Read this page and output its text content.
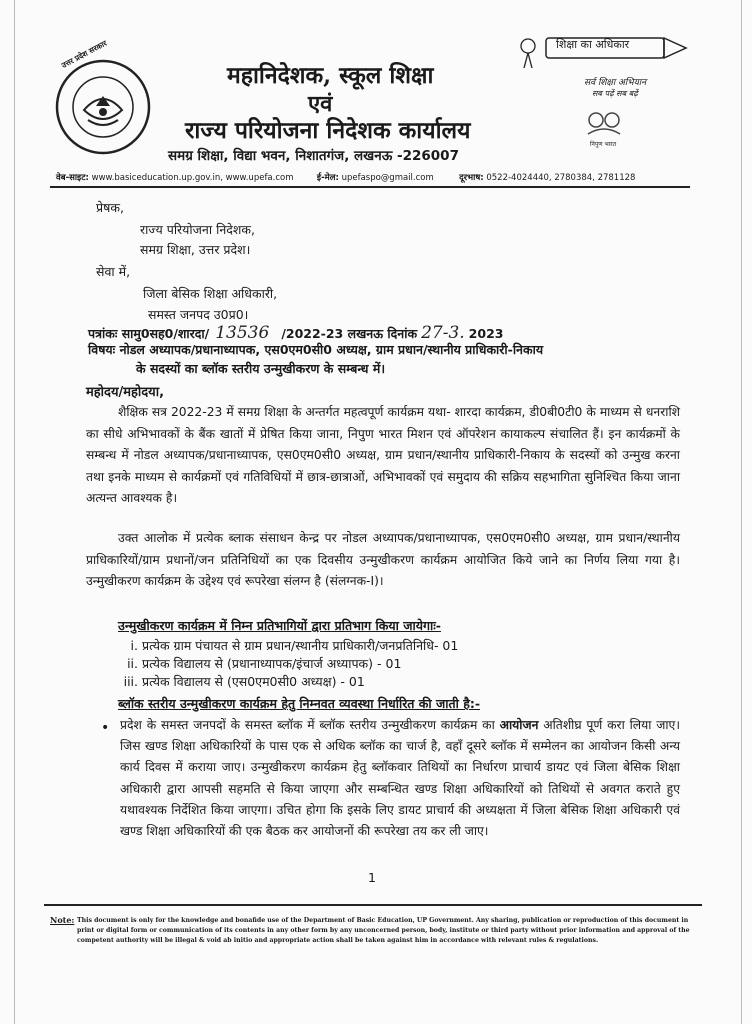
उत्तर प्रदेश सरकार
महानिदेशक, स्कूल शिक्षा
एवं
राज्य परियोजना निदेशक कार्यालय
समग्र शिक्षा, विद्या भवन, निशातगंज, लखनऊ -226007
शिक्षा का अधिकार
सर्व शिक्षा अभियान
सब पढ़ें सब बढ़ें
निपुण भारत
वेब-साइट: www.basiceducation.up.gov.in, www.upefa.com	ई-मेल: upefaspo@gmail.com	दूरभाष: 0522-4024440, 2780384, 2781128
प्रेषक,
राज्य परियोजना निदेशक,
समग्र शिक्षा, उत्तर प्रदेश।
सेवा में,
जिला बेसिक शिक्षा अधिकारी,
समस्त जनपद उ0प्र0।
पत्रांकः सामु0सह0/शारदा/ 13536 /2022-23 लखनऊ दिनांक 27-3. 2023
विषयः नोडल अध्यापक/प्रधानाध्यापक, एस0एम0सी0 अध्यक्ष, ग्राम प्रधान/स्थानीय प्राधिकारी-निकाय
के सदस्यों का ब्लॉक स्तरीय उन्मुखीकरण के सम्बन्ध में।
महोदय/महोदया,
शैक्षिक सत्र 2022-23 में समग्र शिक्षा के अन्तर्गत महत्वपूर्ण कार्यक्रम यथा- शारदा कार्यक्रम, डी0बी0टी0 के माध्यम से धनराशि का सीधे अभिभावकों के बैंक खातों में प्रेषित किया जाना, निपुण भारत मिशन एवं ऑपरेशन कायाकल्प संचालित हैं। इन कार्यक्रमों के सम्बन्ध में नोडल अध्यापक/प्रधानाध्यापक, एस0एम0सी0 अध्यक्ष, ग्राम प्रधान/स्थानीय प्राधिकारी-निकाय के सदस्यों को उन्मुख करना तथा इनके माध्यम से कार्यक्रमों एवं गतिविधियों में छात्र-छात्राओं, अभिभावकों एवं समुदाय की सक्रिय सहभागिता सुनिश्चित किया जाना अत्यन्त आवश्यक है।
उक्त आलोक में प्रत्येक ब्लाक संसाधन केन्द्र पर नोडल अध्यापक/प्रधानाध्यापक, एस0एम0सी0 अध्यक्ष, ग्राम प्रधान/स्थानीय प्राधिकारियों/ग्राम प्रधानों/जन प्रतिनिधियों का एक दिवसीय उन्मुखीकरण कार्यक्रम आयोजित किये जाने का निर्णय लिया गया है। उन्मुखीकरण कार्यक्रम के उद्देश्य एवं रूपरेखा संलग्न है (संलग्नक-I)।
उन्मुखीकरण कार्यक्रम में निम्न प्रतिभागियों द्वारा प्रतिभाग किया जायेगाः-
i. प्रत्येक ग्राम पंचायत से ग्राम प्रधान/स्थानीय प्राधिकारी/जनप्रतिनिधि- 01
ii. प्रत्येक विद्यालय से (प्रधानाध्यापक/इंचार्ज अध्यापक) - 01
iii. प्रत्येक विद्यालय से (एस0एम0सी0 अध्यक्ष) - 01
ब्लॉक स्तरीय उन्मुखीकरण कार्यक्रम हेतु निम्नवत व्यवस्था निर्धारित की जाती है:-
• प्रदेश के समस्त जनपदों के समस्त ब्लॉक में ब्लॉक स्तरीय उन्मुखीकरण कार्यक्रम का आयोजन अतिशीघ्र पूर्ण करा लिया जाए। जिस खण्ड शिक्षा अधिकारियों के पास एक से अधिक ब्लॉक का चार्ज है, वहाँ दूसरे ब्लॉक में सम्मेलन का आयोजन किसी अन्य कार्य दिवस में कराया जाए। उन्मुखीकरण कार्यक्रम हेतु ब्लॉकवार तिथियों का निर्धारण प्राचार्य डायट एवं जिला बेसिक शिक्षा अधिकारी द्वारा आपसी सहमति से किया जाएगा और सम्बन्धित खण्ड शिक्षा अधिकारियों को तिथियों से अवगत कराते हुए यथावश्यक निर्देशित किया जाएगा। उचित होगा कि इसके लिए डायट प्राचार्य की अध्यक्षता में जिला बेसिक शिक्षा अधिकारी एवं खण्ड शिक्षा अधिकारियों की एक बैठक कर आयोजनों की रूपरेखा तय कर ली जाए।
1
Note: This document is only for the knowledge and bonafide use of the Department of Basic Education, UP Government. Any sharing, publication or reproduction of this document in print or digital form or communication of its contents in any other form by any unconcerned person, body, institute or third party without prior information and approval of the competent authority will be illegal & void ab initio and appropriate action shall be taken against him in accordance with relevant rules & regulations.
